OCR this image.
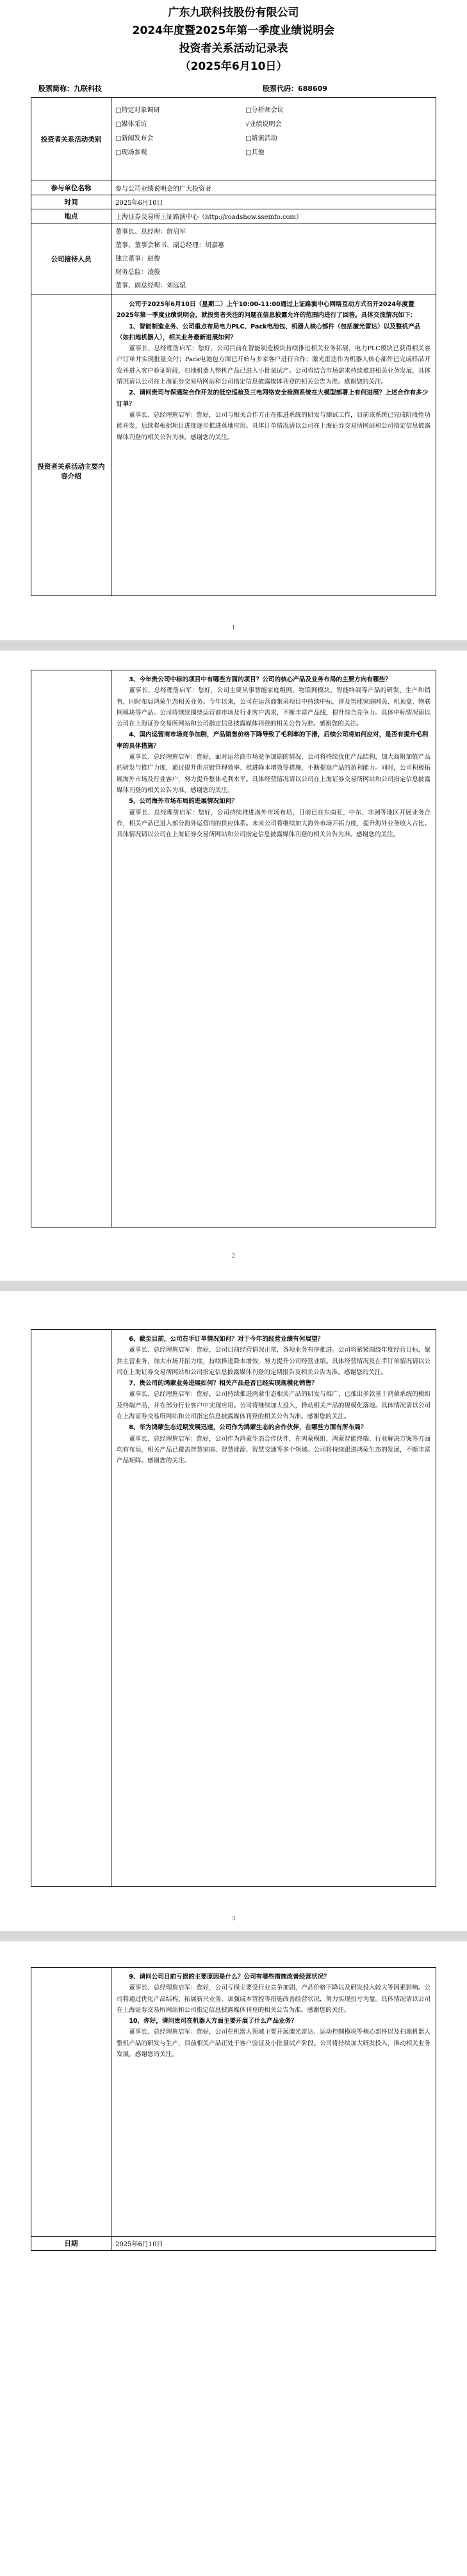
广东九联科技股份有限公司
2024年度暨2025年第一季度业绩说明会
投资者关系活动记录表
（2025年6月10日）
股票简称：九联科技	股票代码：688609
投资者关系活动类别	□特定对象调研 □分析师会议 □媒体采访 √业绩说明会 □新闻发布会 □路演活动 □现场参观 □其他

参与单位名称	参与公司业绩说明会的广大投资者
时间	2025年6月10日
地点	上海证券交易所上证路演中心（http://roadshow.sseinfo.com）
公司接待人员	董事长、总经理：詹启军
董事、董事会秘书、副总经理：胡嘉惠
独立董事：赵俊
财务总监：凌俊
董事、副总经理：刘远斌

投资者关系活动主要内容介绍	公司于2025年6月10日（星期二）上午10:00-11:00通过上证路演中心网络互动方式召开2024年度暨2025年第一季度业绩说明会，就投资者关注的问题在信息披露允许的范围内进行了回答。具体交流情况如下：

1、智能制造业务、公司重点布局电力PLC、Pack电池包、机器人核心部件（包括激光雷达）以及整机产品（如扫地机器人），相关业务最新进展如何？

董事长、总经理詹启军：您好，公司目前在智能制造板块持续推进相关业务拓展，电力PLC模块已获得相关客户订单并实现批量交付；Pack电池包方面已开始与多家客户进行合作；激光雷达作为机器人核心部件已完成样品开发并进入客户验证阶段，扫地机器人整机产品已进入小批量试产。公司将结合市场需求持续推进相关业务发展，具体情况请以公司在上海证券交易所网站和公司指定信息披露媒体刊登的相关公告为准。感谢您的关注。

2、请问贵司与保通院合作开发的低空巡检及三电网络安全检测系统在大模型部署上有何进展？上述合作有多少订单？

董事长、总经理詹启军：您好，公司与相关合作方正在推进系统的研发与测试工作，目前该系统已完成阶段性功能开发，后续将根据项目进度逐步推进落地应用。具体订单情况请以公司在上海证券交易所网站和公司指定信息披露媒体刊登的相关公告为准。感谢您的关注。

1

3、今年贵公司中标的项目中有哪些方面的项目？公司的核心产品及业务布局的主要方向有哪些？

董事长、总经理詹启军：您好，公司主要从事智能家庭组网、物联网模块、智能终端等产品的研发、生产和销售，同时布局鸿蒙生态相关业务。今年以来，公司在运营商集采项目中持续中标，涉及智能家庭网关、机顶盒、物联网模块等产品。公司将继续围绕运营商市场及行业客户需求，不断丰富产品线，提升综合竞争力。具体中标情况请以公司在上海证券交易所网站和公司指定信息披露媒体刊登的相关公告为准。感谢您的关注。

4、国内运营商市场竞争加剧，产品销售价格下降导致了毛利率的下滑，后续公司将如何应对，是否有提升毛利率的具体措施？

董事长、总经理詹启军：您好，面对运营商市场竞争加剧的情况，公司将持续优化产品结构，加大高附加值产品的研发与推广力度，通过提升供应链管理效率、推进降本增效等措施，不断提高产品的盈利能力。同时，公司积极拓展海外市场及行业客户，努力提升整体毛利水平。具体经营情况请以公司在上海证券交易所网站和公司指定信息披露媒体刊登的相关公告为准。感谢您的关注。

5、公司海外市场布局的进展情况如何？

董事长、总经理詹启军：您好，公司持续推进海外市场布局，目前已在东南亚、中东、非洲等地区开展业务合作，相关产品已进入部分海外运营商的供应体系。未来公司将继续加大海外市场开拓力度，提升海外业务收入占比。具体情况请以公司在上海证券交易所网站和公司指定信息披露媒体刊登的相关公告为准。感谢您的关注。

2

6、截至目前，公司在手订单情况如何？对于今年的经营业绩有何展望？

董事长、总经理詹启军：您好，公司目前经营情况正常，各项业务有序推进。公司将紧紧围绕年度经营目标，聚焦主营业务，加大市场开拓力度，持续推进降本增效，努力提升公司经营业绩。具体经营情况及在手订单情况请以公司在上海证券交易所网站和公司指定信息披露媒体刊登的定期报告及相关公告为准。感谢您的关注。

7、贵公司的鸿蒙业务进展如何？相关产品是否已经实现规模化销售？

董事长、总经理詹启军：您好，公司持续推进鸿蒙生态相关产品的研发与推广，已推出多款基于鸿蒙系统的模组及终端产品，并在部分行业客户中实现应用。公司将继续加大投入，推动相关产品的规模化落地。具体情况请以公司在上海证券交易所网站和公司指定信息披露媒体刊登的相关公告为准。感谢您的关注。

8、华为鸿蒙生态近期发展迅速，公司作为鸿蒙生态的合作伙伴，在哪些方面有所布局？

董事长、总经理詹启军：您好，公司作为鸿蒙生态合作伙伴，在鸿蒙模组、鸿蒙智能终端、行业解决方案等方面均有布局，相关产品已覆盖智慧家庭、智慧能源、智慧交通等多个领域。公司将持续跟进鸿蒙生态的发展，不断丰富产品矩阵。感谢您的关注。

3

	9、请问公司目前亏损的主要原因是什么？公司有哪些措施改善经营状况？

董事长、总经理詹启军：您好，公司亏损主要受行业竞争加剧、产品价格下降以及研发投入较大等因素影响。公司将通过优化产品结构、拓展新兴业务、加强成本管控等措施改善经营状况，努力实现扭亏为盈。具体情况请以公司在上海证券交易所网站和公司指定信息披露媒体刊登的相关公告为准。感谢您的关注。

10、你好，请问贵司在机器人方面主要开展了什么产品业务？

董事长、总经理詹启军：您好，公司在机器人领域主要开展激光雷达、运动控制模块等核心部件以及扫地机器人整机产品的研发与生产，目前相关产品正处于客户验证及小批量试产阶段。公司将持续加大研发投入，推动相关业务发展。感谢您的关注。

日期	2025年6月10日
